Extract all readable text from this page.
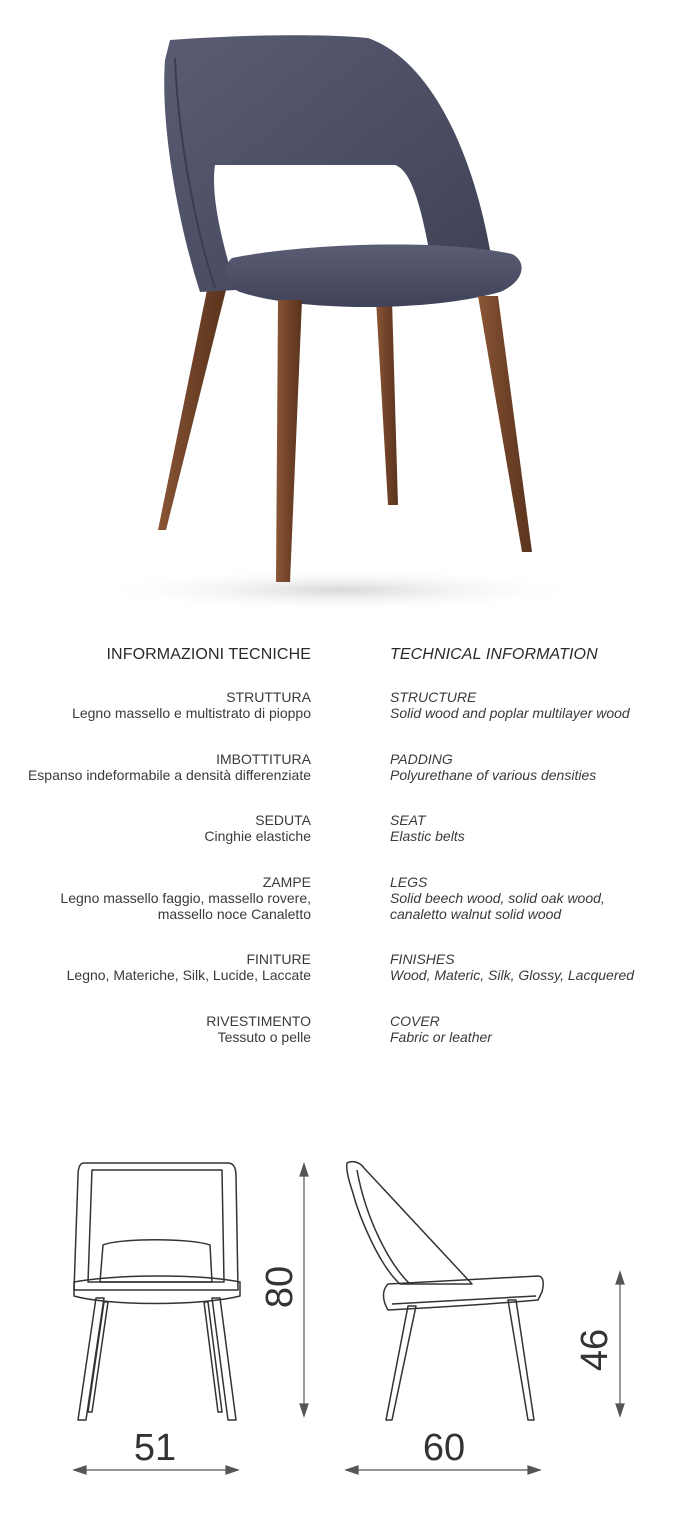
INFORMAZIONI TECNICHE	TECHNICAL INFORMATION
STRUTTURA
Legno massello e multistrato di pioppo
STRUCTURE
Solid wood and poplar multilayer wood
IMBOTTITURA
Espanso indeformabile a densità differenziate
PADDING
Polyurethane of various densities
SEDUTA
Cinghie elastiche
SEAT
Elastic belts
ZAMPE
Legno massello faggio, massello rovere,
massello noce Canaletto
LEGS
Solid beech wood, solid oak wood,
canaletto walnut solid wood
FINITURE
Legno, Materiche, Silk, Lucide, Laccate
FINISHES
Wood, Materic, Silk, Glossy, Lacquered
RIVESTIMENTO
Tessuto o pelle
COVER
Fabric or leather
51	60
80
46
